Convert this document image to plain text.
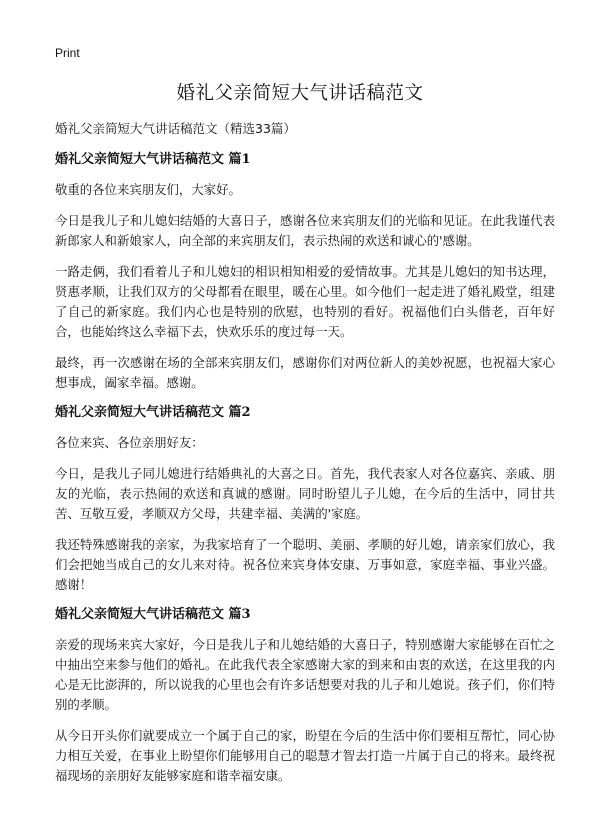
Print
婚礼父亲简短大气讲话稿范文

婚礼父亲简短大气讲话稿范文（精选33篇）

婚礼父亲简短大气讲话稿范文 篇1

敬重的各位来宾朋友们，大家好。

今日是我儿子和儿媳妇结婚的大喜日子，感谢各位来宾朋友们的光临和见证。在此我谨代表新郎家人和新娘家人，向全部的来宾朋友们，表示热闹的欢送和诚心的'感谢。

一路走俩，我们看着儿子和儿媳妇的相识相知相爱的爱情故事。尤其是儿媳妇的知书达理，贤惠孝顺，让我们双方的父母都看在眼里，暖在心里。如今他们一起走进了婚礼殿堂，组建了自己的新家庭。我们内心也是特别的欣慰，也特别的看好。祝福他们白头偕老，百年好合，也能始终这么幸福下去，快欢乐乐的度过每一天。

最终，再一次感谢在场的全部来宾朋友们，感谢你们对两位新人的美妙祝愿，也祝福大家心想事成，阖家幸福。感谢。

婚礼父亲简短大气讲话稿范文 篇2

各位来宾、各位亲朋好友：

今日，是我儿子同儿媳进行结婚典礼的大喜之日。首先，我代表家人对各位嘉宾、亲戚、朋友的光临，表示热闹的欢送和真诚的感谢。同时盼望儿子儿媳，在今后的生活中，同甘共苦、互敬互爱，孝顺双方父母，共建幸福、美满的'家庭。

我还特殊感谢我的亲家，为我家培育了一个聪明、美丽、孝顺的好儿媳，请亲家们放心，我们会把她当成自己的女儿来对待。祝各位来宾身体安康、万事如意，家庭幸福、事业兴盛。感谢！

婚礼父亲简短大气讲话稿范文 篇3

亲爱的现场来宾大家好，今日是我儿子和儿媳结婚的大喜日子，特别感谢大家能够在百忙之中抽出空来参与他们的婚礼。在此我代表全家感谢大家的到来和由衷的欢送，在这里我的内心是无比澎湃的，所以说我的心里也会有许多话想要对我的儿子和儿媳说。孩子们，你们特别的孝顺。

从今日开头你们就要成立一个属于自己的家，盼望在今后的生活中你们要相互帮忙，同心协力相互关爱，在事业上盼望你们能够用自己的聪慧才智去打造一片属于自己的将来。最终祝福现场的亲朋好友能够家庭和谐幸福安康。
